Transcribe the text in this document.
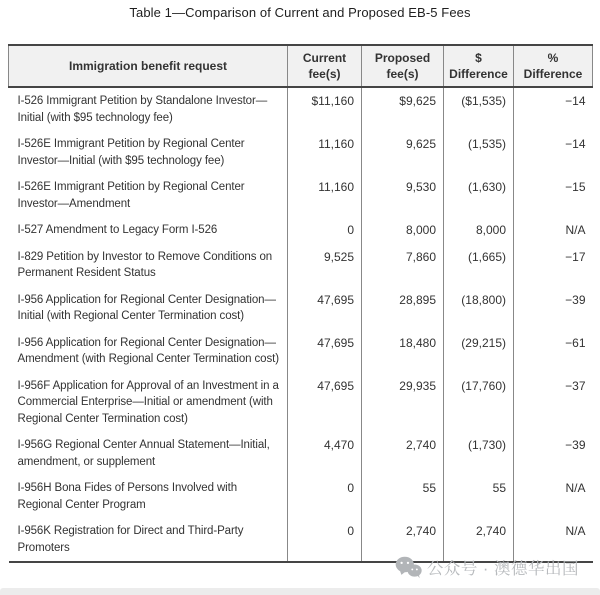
Table 1—Comparison of Current and Proposed EB-5 Fees
Immigration benefit request	Current fee(s)	Proposed fee(s)	$ Difference	% Difference
I-526 Immigrant Petition by Standalone Investor—Initial (with $95 technology fee)	$11,160	$9,625	($1,535)	−14
I-526E Immigrant Petition by Regional Center Investor—Initial (with $95 technology fee)	11,160	9,625	(1,535)	−14
I-526E Immigrant Petition by Regional Center Investor—Amendment	11,160	9,530	(1,630)	−15
I-527 Amendment to Legacy Form I-526	0	8,000	8,000	N/A
I-829 Petition by Investor to Remove Conditions on Permanent Resident Status	9,525	7,860	(1,665)	−17
I-956 Application for Regional Center Designation—Initial (with Regional Center Termination cost)	47,695	28,895	(18,800)	−39
I-956 Application for Regional Center Designation—Amendment (with Regional Center Termination cost)	47,695	18,480	(29,215)	−61
I-956F Application for Approval of an Investment in a Commercial Enterprise—Initial or amendment (with Regional Center Termination cost)	47,695	29,935	(17,760)	−37
I-956G Regional Center Annual Statement—Initial, amendment, or supplement	4,470	2,740	(1,730)	−39
I-956H Bona Fides of Persons Involved with Regional Center Program	0	55	55	N/A
I-956K Registration for Direct and Third-Party Promoters	0	2,740	2,740	N/A
公众号 · 澳德华出国
